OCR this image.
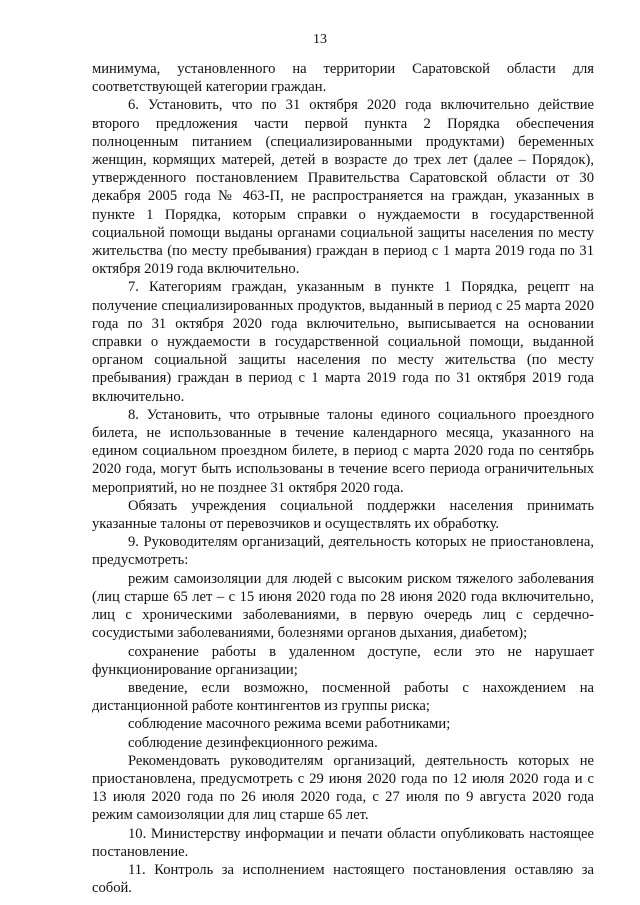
13

минимума, установленного на территории Саратовской области для соответствующей категории граждан.

6. Установить, что по 31 октября 2020 года включительно действие второго предложения части первой пункта 2 Порядка обеспечения полноценным питанием (специализированными продуктами) беременных женщин, кормящих матерей, детей в возрасте до трех лет (далее – Порядок), утвержденного постановлением Правительства Саратовской области от 30 декабря 2005 года № 463-П, не распространяется на граждан, указанных в пункте 1 Порядка, которым справки о нуждаемости в государственной социальной помощи выданы органами социальной защиты населения по месту жительства (по месту пребывания) граждан в период с 1 марта 2019 года по 31 октября 2019 года включительно.

7. Категориям граждан, указанным в пункте 1 Порядка, рецепт на получение специализированных продуктов, выданный в период с 25 марта 2020 года по 31 октября 2020 года включительно, выписывается на основании справки о нуждаемости в государственной социальной помощи, выданной органом социальной защиты населения по месту жительства (по месту пребывания) граждан в период с 1 марта 2019 года по 31 октября 2019 года включительно.

8. Установить, что отрывные талоны единого социального проездного билета, не использованные в течение календарного месяца, указанного на едином социальном проездном билете, в период с марта 2020 года по сентябрь 2020 года, могут быть использованы в течение всего периода ограничительных мероприятий, но не позднее 31 октября 2020 года.

Обязать учреждения социальной поддержки населения принимать указанные талоны от перевозчиков и осуществлять их обработку.

9. Руководителям организаций, деятельность которых не приостановлена, предусмотреть:

режим самоизоляции для людей с высоким риском тяжелого заболевания (лиц старше 65 лет – с 15 июня 2020 года по 28 июня 2020 года включительно, лиц с хроническими заболеваниями, в первую очередь лиц с сердечно-сосудистыми заболеваниями, болезнями органов дыхания, диабетом);

сохранение работы в удаленном доступе, если это не нарушает функционирование организации;

введение, если возможно, посменной работы с нахождением на дистанционной работе контингентов из группы риска;

соблюдение масочного режима всеми работниками;

соблюдение дезинфекционного режима.

Рекомендовать руководителям организаций, деятельность которых не приостановлена, предусмотреть с 29 июня 2020 года по 12 июля 2020 года и с 13 июля 2020 года по 26 июля 2020 года, с 27 июля по 9 августа 2020 года режим самоизоляции для лиц старше 65 лет.

10. Министерству информации и печати области опубликовать настоящее постановление.

11. Контроль за исполнением настоящего постановления оставляю за собой.
